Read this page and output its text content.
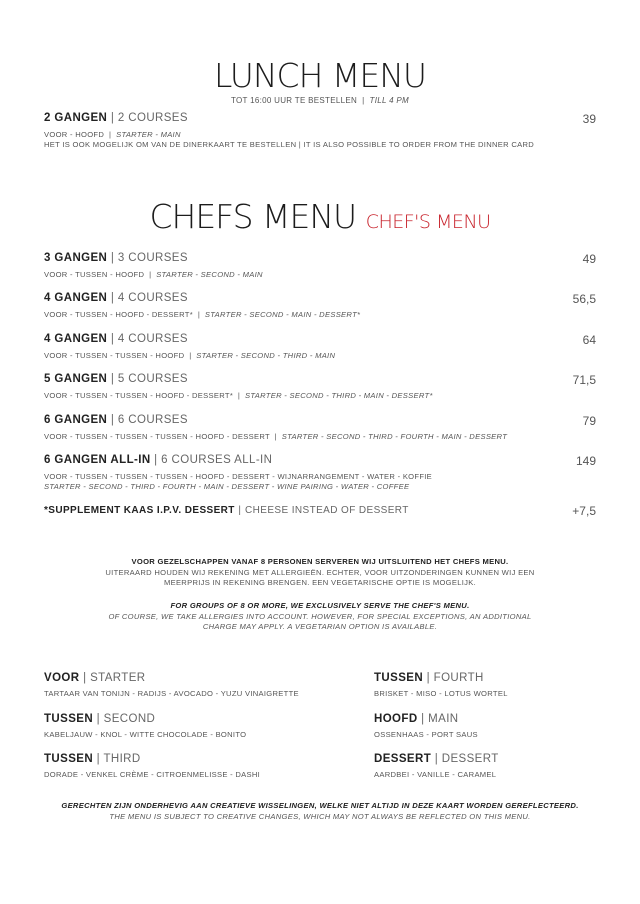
LUNCH MENU
TOT 16:00 UUR TE BESTELLEN | TILL 4 PM
2 GANGEN | 2 COURSES	39
VOOR - HOOFD | STARTER - MAIN
HET IS OOK MOGELIJK OM VAN DE DINERKAART TE BESTELLEN | IT IS ALSO POSSIBLE TO ORDER FROM THE DINNER CARD
CHEFS MENU CHEF'S MENU
3 GANGEN | 3 COURSES	49
VOOR - TUSSEN - HOOFD | STARTER - SECOND - MAIN
4 GANGEN | 4 COURSES	56,5
VOOR - TUSSEN - HOOFD - DESSERT* | STARTER - SECOND - MAIN - DESSERT*
4 GANGEN | 4 COURSES	64
VOOR - TUSSEN - TUSSEN - HOOFD | STARTER - SECOND - THIRD - MAIN
5 GANGEN | 5 COURSES	71,5
VOOR - TUSSEN - TUSSEN - HOOFD - DESSERT* | STARTER - SECOND - THIRD - MAIN - DESSERT*
6 GANGEN | 6 COURSES	79
VOOR - TUSSEN - TUSSEN - TUSSEN - HOOFD - DESSERT | STARTER - SECOND - THIRD - FOURTH - MAIN - DESSERT
6 GANGEN ALL-IN | 6 COURSES ALL-IN	149
VOOR - TUSSEN - TUSSEN - TUSSEN - HOOFD - DESSERT - WIJNARRANGEMENT - WATER - KOFFIE
STARTER - SECOND - THIRD - FOURTH - MAIN - DESSERT - WINE PAIRING - WATER - COFFEE
*SUPPLEMENT KAAS I.P.V. DESSERT | CHEESE INSTEAD OF DESSERT	+7,5
VOOR GEZELSCHAPPEN VANAF 8 PERSONEN SERVEREN WIJ UITSLUITEND HET CHEFS MENU.
UITERAARD HOUDEN WIJ REKENING MET ALLERGIEËN. ECHTER, VOOR UITZONDERINGEN KUNNEN WIJ EEN
MEERPRIJS IN REKENING BRENGEN. EEN VEGETARISCHE OPTIE IS MOGELIJK.
FOR GROUPS OF 8 OR MORE, WE EXCLUSIVELY SERVE THE CHEF'S MENU.
OF COURSE, WE TAKE ALLERGIES INTO ACCOUNT. HOWEVER, FOR SPECIAL EXCEPTIONS, AN ADDITIONAL
CHARGE MAY APPLY. A VEGETARIAN OPTION IS AVAILABLE.
VOOR | STARTER
TARTAAR VAN TONIJN - RADIJS - AVOCADO - YUZU VINAIGRETTE
TUSSEN | SECOND
KABELJAUW - KNOL - WITTE CHOCOLADE - BONITO
TUSSEN | THIRD
DORADE - VENKEL CRÈME - CITROENMELISSE - DASHI
TUSSEN | FOURTH
BRISKET - MISO - LOTUS WORTEL
HOOFD | MAIN
OSSENHAAS - PORT SAUS
DESSERT | DESSERT
AARDBEI - VANILLE - CARAMEL
GERECHTEN ZIJN ONDERHEVIG AAN CREATIEVE WISSELINGEN, WELKE NIET ALTIJD IN DEZE KAART WORDEN GEREFLECTEERD.
THE MENU IS SUBJECT TO CREATIVE CHANGES, WHICH MAY NOT ALWAYS BE REFLECTED ON THIS MENU.
